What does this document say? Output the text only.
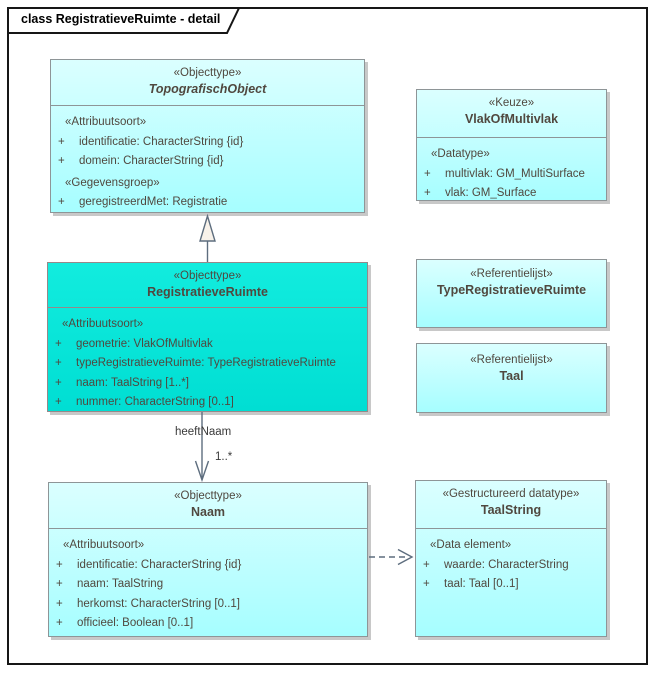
class RegistratieveRuimte - detail
«Objecttype»
TopografischObject
«Attribuutsoort»
+ identificatie: CharacterString {id}
+ domein: CharacterString {id}
«Gegevensgroep»
+ geregistreerdMet: Registratie
«Keuze»
VlakOfMultivlak
«Datatype»
+ multivlak: GM_MultiSurface
+ vlak: GM_Surface
«Objecttype»
RegistratieveRuimte
«Attribuutsoort»
+ geometrie: VlakOfMultivlak
+ typeRegistratieveRuimte: TypeRegistratieveRuimte
+ naam: TaalString [1..*]
+ nummer: CharacterString [0..1]
«Referentielijst»
TypeRegistratieveRuimte
«Referentielijst»
Taal
«Objecttype»
Naam
«Attribuutsoort»
+ identificatie: CharacterString {id}
+ naam: TaalString
+ herkomst: CharacterString [0..1]
+ officieel: Boolean [0..1]
«Gestructureerd datatype»
TaalString
«Data element»
+ waarde: CharacterString
+ taal: Taal [0..1]
heeftNaam
1..*
